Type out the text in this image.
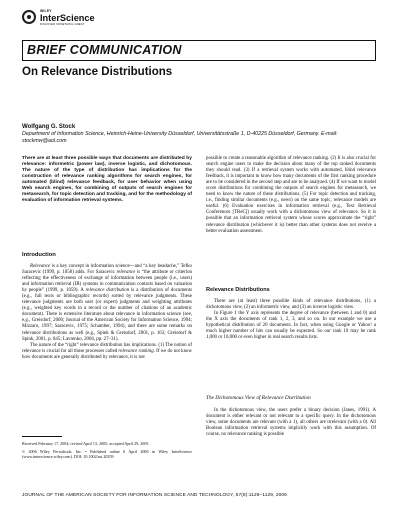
WILEY
InterScience
DISCOVER SOMETHING GREAT
BRIEF COMMUNICATION
On Relevance Distributions
Wolfgang G. Stock
Department of Information Science, Heinrich-Heine-University Düsseldorf, Universitätsstraße 1, D-40225 Düsseldorf, Germany. E-mail: stockmw@aol.com
There are at least three possible ways that documents are distributed by relevance: informetric (power law), inverse logistic, and dichotomous. The nature of the type of distribution has implications for the construction of relevance ranking algorithms for search engines, for automated (blind) relevance feedback, for user behavior when using Web search engines, for combining of outputs of search engines for metasearch, for topic detection and tracking, and for the methodology of evaluation of information retrieval systems.
Introduction

Relevance is a key concept in information science—and “a key headache,” Tefko Saracevic (1999, p. 1058) adds. For Saracevic relevance is “the attribute or criterion reflecting the effectiveness of exchange of information between people (i.e., users) and information retrieval (IR) systems in communication contacts based on valuation by people” (1999, p. 1059). A relevance distribution is a distribution of documents (e.g., full texts or bibliographic records) sorted by relevance judgments. These relevance judgments are both user (or expert) judgments and weighting attributes (e.g., weighted key words in a record or the number of citations of an academic document). There is extensive literature about relevance in information science (see, e.g., Greisdorf, 2000; Journal of the American Society for Information Science, 1994; Mizzaro, 1997; Saracevic, 1975; Schamber, 1994), and there are some remarks on relevance distributions as well (e.g., Spink & Greisdorf, 2001, p. 163; Greisdorf & Spink, 2001, p. 845; Lavrenko, 2004, pp. 27–31).

The nature of the “right” relevance distribution has implications. (1) The notion of relevance is crucial for all those processes called relevance ranking. If we do not know how documents are generally distributed by relevance, it is not

Received February 17, 2004; revised April 13, 2005; accepted April 29, 2005

© 2006 Wiley Periodicals, Inc. • Published online 6 April 2006 in Wiley InterScience (www.interscience.wiley.com). DOI: 10.1002/asi.20359

possible to create a reasonable algorithm of relevance ranking. (2) It is also crucial for search engine users to make the decision about many of the top ranked documents they should read. (3) If a retrieval system works with automated, blind relevance feedback, it is important to know how many documents of the first ranking procedure are to be considered in the second step and are to be analyzed. (4) If we want to model score distributions for combining the outputs of search engines for metasearch, we need to know the nature of these distributions. (5) For topic detection and tracking, i.e., finding similar documents (e.g., news) on the same topic, relevance models are useful. (6) Evaluation exercises in information retrieval (e.g., Text Retrieval Conferences [TRеC]) usually work with a dichotomous view of relevance. So it is possible that an information retrieval system whose scores approximate the “right” relevance distribution (whichever it is) better than other systems does not receive a better evaluation assessment.

Relevance Distributions

There are (at least) three possible kinds of relevance distributions, (1) a dichotomous view, (2) an informetric view, and (3) an inverse logistic view.

In Figure 1 the Y axis represents the degree of relevance (between 1 and 0) and the X axis the documents of rank 1, 2, 3, and so on. In our example we use a hypothetical distribution of 20 documents. In fact, when using Google or Yahoo! a much higher number of hits can usually be expected. So our rank 10 may be rank 1,000 or 10,000 or even higher in real search results lists.

The Dichotomous View of Relevance Distribution

In the dichotomous view, the users prefer a binary decision (Janes, 1991). A document is either relevant or not relevant to a specific query. In the dichotomous view, some documents are relevant (with a 1), all others are irrelevant (with a 0). All Boolean information retrieval systems implicitly work with this assumption. Of course, no relevance ranking is possible

JOURNAL OF THE AMERICAN SOCIETY FOR INFORMATION SCIENCE AND TECHNOLOGY, 57(8):1126–1129, 2006
